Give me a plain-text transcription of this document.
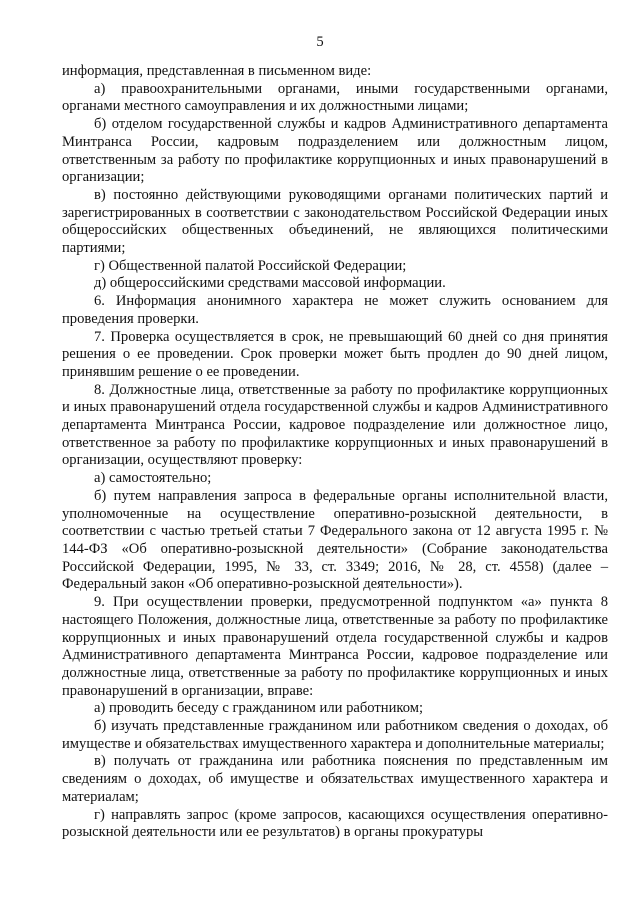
5

информация, представленная в письменном виде:

а) правоохранительными органами, иными государственными органами, органами местного самоуправления и их должностными лицами;

б) отделом государственной службы и кадров Административного департамента Минтранса России, кадровым подразделением или должностным лицом, ответственным за работу по профилактике коррупционных и иных правонарушений в организации;

в) постоянно действующими руководящими органами политических партий и зарегистрированных в соответствии с законодательством Российской Федерации иных общероссийских общественных объединений, не являющихся политическими партиями;

г) Общественной палатой Российской Федерации;

д) общероссийскими средствами массовой информации.

6. Информация анонимного характера не может служить основанием для проведения проверки.

7. Проверка осуществляется в срок, не превышающий 60 дней со дня принятия решения о ее проведении. Срок проверки может быть продлен до 90 дней лицом, принявшим решение о ее проведении.

8. Должностные лица, ответственные за работу по профилактике коррупционных и иных правонарушений отдела государственной службы и кадров Административного департамента Минтранса России, кадровое подразделение или должностное лицо, ответственное за работу по профилактике коррупционных и иных правонарушений в организации, осуществляют проверку:

а) самостоятельно;

б) путем направления запроса в федеральные органы исполнительной власти, уполномоченные на осуществление оперативно-розыскной деятельности, в соответствии с частью третьей статьи 7 Федерального закона от 12 августа 1995 г. № 144-ФЗ «Об оперативно-розыскной деятельности» (Собрание законодательства Российской Федерации, 1995, № 33, ст. 3349; 2016, № 28, ст. 4558) (далее – Федеральный закон «Об оперативно-розыскной деятельности»).

9. При осуществлении проверки, предусмотренной подпунктом «а» пункта 8 настоящего Положения, должностные лица, ответственные за работу по профилактике коррупционных и иных правонарушений отдела государственной службы и кадров Административного департамента Минтранса России, кадровое подразделение или должностные лица, ответственные за работу по профилактике коррупционных и иных правонарушений в организации, вправе:

а) проводить беседу с гражданином или работником;

б) изучать представленные гражданином или работником сведения о доходах, об имуществе и обязательствах имущественного характера и дополнительные материалы;

в) получать от гражданина или работника пояснения по представленным им сведениям о доходах, об имуществе и обязательствах имущественного характера и материалам;

г) направлять запрос (кроме запросов, касающихся осуществления оперативно-розыскной деятельности или ее результатов) в органы прокуратуры
